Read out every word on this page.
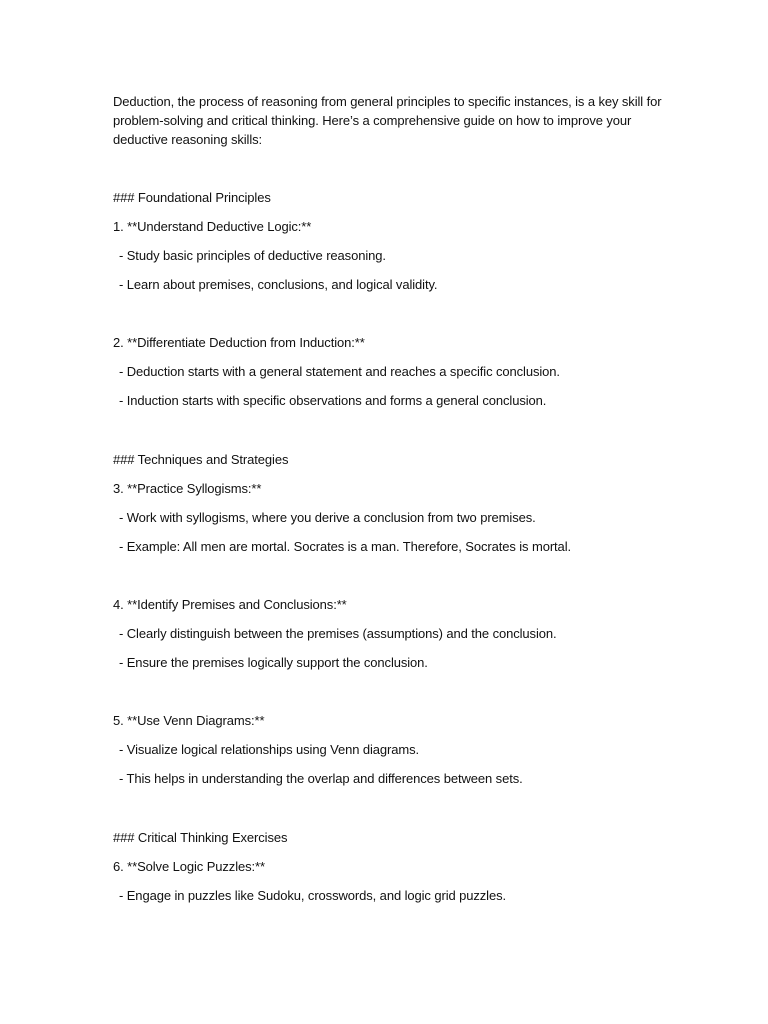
Deduction, the process of reasoning from general principles to specific instances, is a key skill for
problem-solving and critical thinking. Here’s a comprehensive guide on how to improve your
deductive reasoning skills:
### Foundational Principles
1. **Understand Deductive Logic:**
- Study basic principles of deductive reasoning.
- Learn about premises, conclusions, and logical validity.
2. **Differentiate Deduction from Induction:**
- Deduction starts with a general statement and reaches a specific conclusion.
- Induction starts with specific observations and forms a general conclusion.
### Techniques and Strategies
3. **Practice Syllogisms:**
- Work with syllogisms, where you derive a conclusion from two premises.
- Example: All men are mortal. Socrates is a man. Therefore, Socrates is mortal.
4. **Identify Premises and Conclusions:**
- Clearly distinguish between the premises (assumptions) and the conclusion.
- Ensure the premises logically support the conclusion.
5. **Use Venn Diagrams:**
- Visualize logical relationships using Venn diagrams.
- This helps in understanding the overlap and differences between sets.
### Critical Thinking Exercises
6. **Solve Logic Puzzles:**
- Engage in puzzles like Sudoku, crosswords, and logic grid puzzles.
